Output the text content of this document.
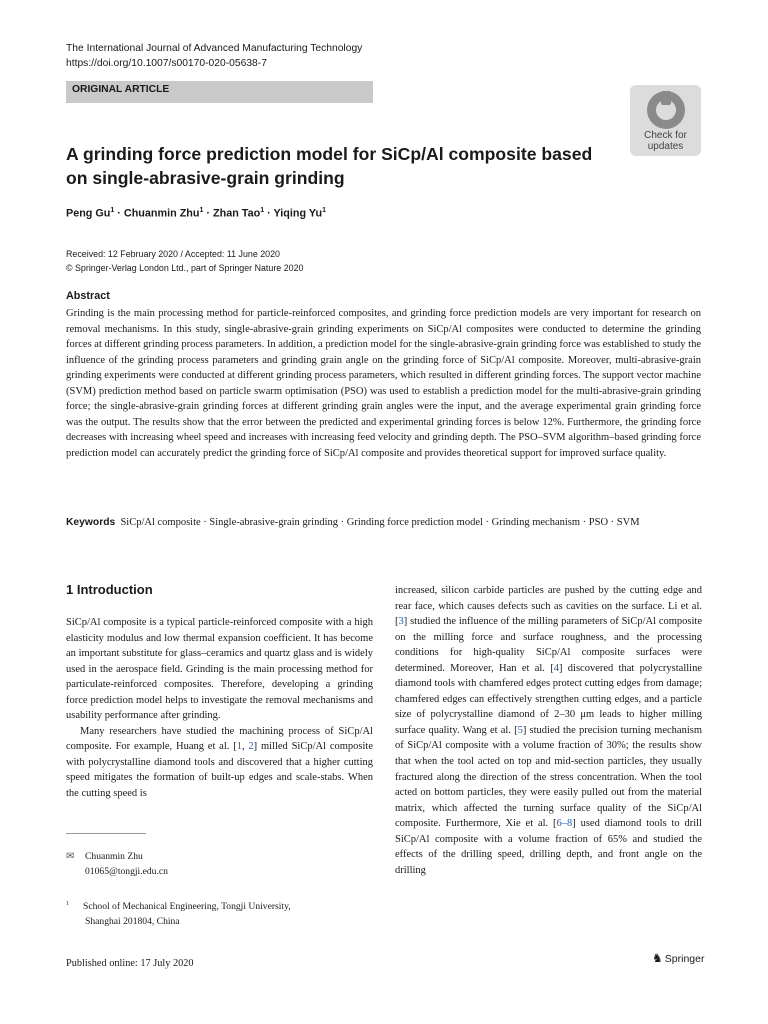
The International Journal of Advanced Manufacturing Technology
https://doi.org/10.1007/s00170-020-05638-7
ORIGINAL ARTICLE
Check for
updates
A grinding force prediction model for SiCp/Al composite based on single-abrasive-grain grinding
Peng $Gu^1$ · Chuanmin Zhu$^1$ · Zhan Tao$^1$ · Yiqing Yu$^1$
Received: 12 February 2020 / Accepted: 11 June 2020
© Springer-Verlag London Ltd., part of Springer Nature 2020
Abstract
Grinding is the main processing method for particle-reinforced composites, and grinding force prediction models are very important for research on removal mechanisms. In this study, single-abrasive-grain grinding experiments on SiCp/Al composites were conducted to determine the grinding forces at different grinding process parameters. In addition, a prediction model for the single-abrasive-grain grinding force was established to study the influence of the grinding process parameters and grinding grain angle on the grinding force of SiCp/Al composite. Moreover, multi-abrasive-grain grinding experiments were conducted at different grinding process parameters, which resulted in different grinding forces. The support vector machine (SVM) prediction method based on particle swarm optimisation (PSO) was used to establish a prediction model for the multi-abrasive-grain grinding force; the single-abrasive-grain grinding forces at different grinding grain angles were the input, and the average experimental grain grinding force was the output. The results show that the error between the predicted and experimental grinding forces is below 12%. Furthermore, the grinding force decreases with increasing wheel speed and increases with increasing feed velocity and grinding depth. The PSO–SVM algorithm–based grinding force prediction model can accurately predict the grinding force of SiCp/Al composite and provides theoretical support for improved surface quality.
Keywords SiCp/Al composite · Single-abrasive-grain grinding · Grinding force prediction model · Grinding mechanism · PSO · SVM
1 Introduction
SiCp/Al composite is a typical particle-reinforced composite with a high elasticity modulus and low thermal expansion coefficient. It has become an important substitute for glass–ceramics and quartz glass and is widely used in the aerospace field. Grinding is the main processing method for particulate-reinforced composites. Therefore, developing a grinding force prediction model helps to investigate the removal mechanisms and usability performance after grinding.
Many researchers have studied the machining process of SiCp/Al composite. For example, Huang et al. [1, 2] milled SiCp/Al composite with polycrystalline diamond tools and discovered that a higher cutting speed mitigates the formation of built-up edges and scale-stabs. When the cutting speed is
increased, silicon carbide particles are pushed by the cutting edge and rear face, which causes defects such as cavities on the surface. Li et al. [3] studied the influence of the milling parameters of SiCp/Al composite on the milling force and surface roughness, and the processing conditions for high-quality SiCp/Al composite surfaces were determined. Moreover, Han et al. [4] discovered that polycrystalline diamond tools with chamfered edges protect cutting edges from damage; chamfered edges can effectively strengthen cutting edges, and a particle size of polycrystalline diamond of 2–30 μm leads to higher milling surface quality. Wang et al. [5] studied the precision turning mechanism of SiCp/Al composite with a volume fraction of 30%; the results show that when the tool acted on top and mid-section particles, they usually fractured along the direction of the stress concentration. When the tool acted on bottom particles, they were easily pulled out from the material matrix, which affected the turning surface quality of the SiCp/Al composite. Furthermore, Xie et al. [6–8] used diamond tools to drill SiCp/Al composite with a volume fraction of 65% and studied the effects of the drilling speed, drilling depth, and front angle on the drilling
✉ Chuanmin Zhu
01065@tongji.edu.cn
$^1$ School of Mechanical Engineering, Tongji University,
Shanghai 201804, China
Published online: 17 July 2020	♞ Springer
